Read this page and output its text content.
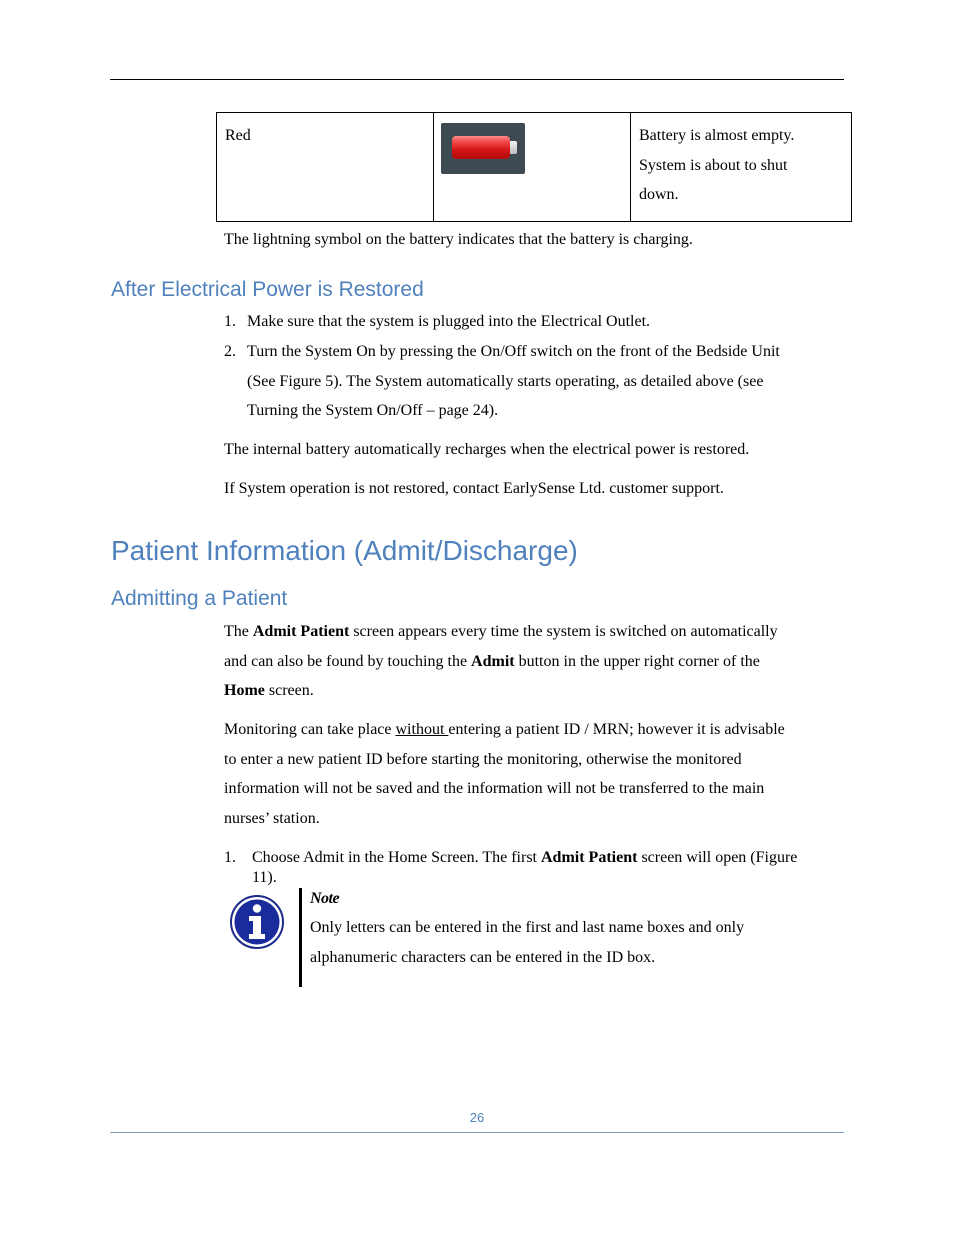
Red		Battery is almost empty.
System is about to shut
down.
The lightning symbol on the battery indicates that the battery is charging.
After Electrical Power is Restored
1. Make sure that the system is plugged into the Electrical Outlet.
2. Turn the System On by pressing the On/Off switch on the front of the Bedside Unit
(See Figure 5). The System automatically starts operating, as detailed above (see
Turning the System On/Off – page 24).
The internal battery automatically recharges when the electrical power is restored.
If System operation is not restored, contact EarlySense Ltd. customer support.
Patient Information (Admit/Discharge)
Admitting a Patient
The Admit Patient screen appears every time the system is switched on automatically
and can also be found by touching the Admit button in the upper right corner of the
Home screen.
Monitoring can take place without entering a patient ID / MRN; however it is advisable
to enter a new patient ID before starting the monitoring, otherwise the monitored
information will not be saved and the information will not be transferred to the main
nurses’ station.
1. Choose Admit in the Home Screen. The first Admit Patient screen will open (Figure
11).
Note
Only letters can be entered in the first and last name boxes and only
alphanumeric characters can be entered in the ID box.
26
